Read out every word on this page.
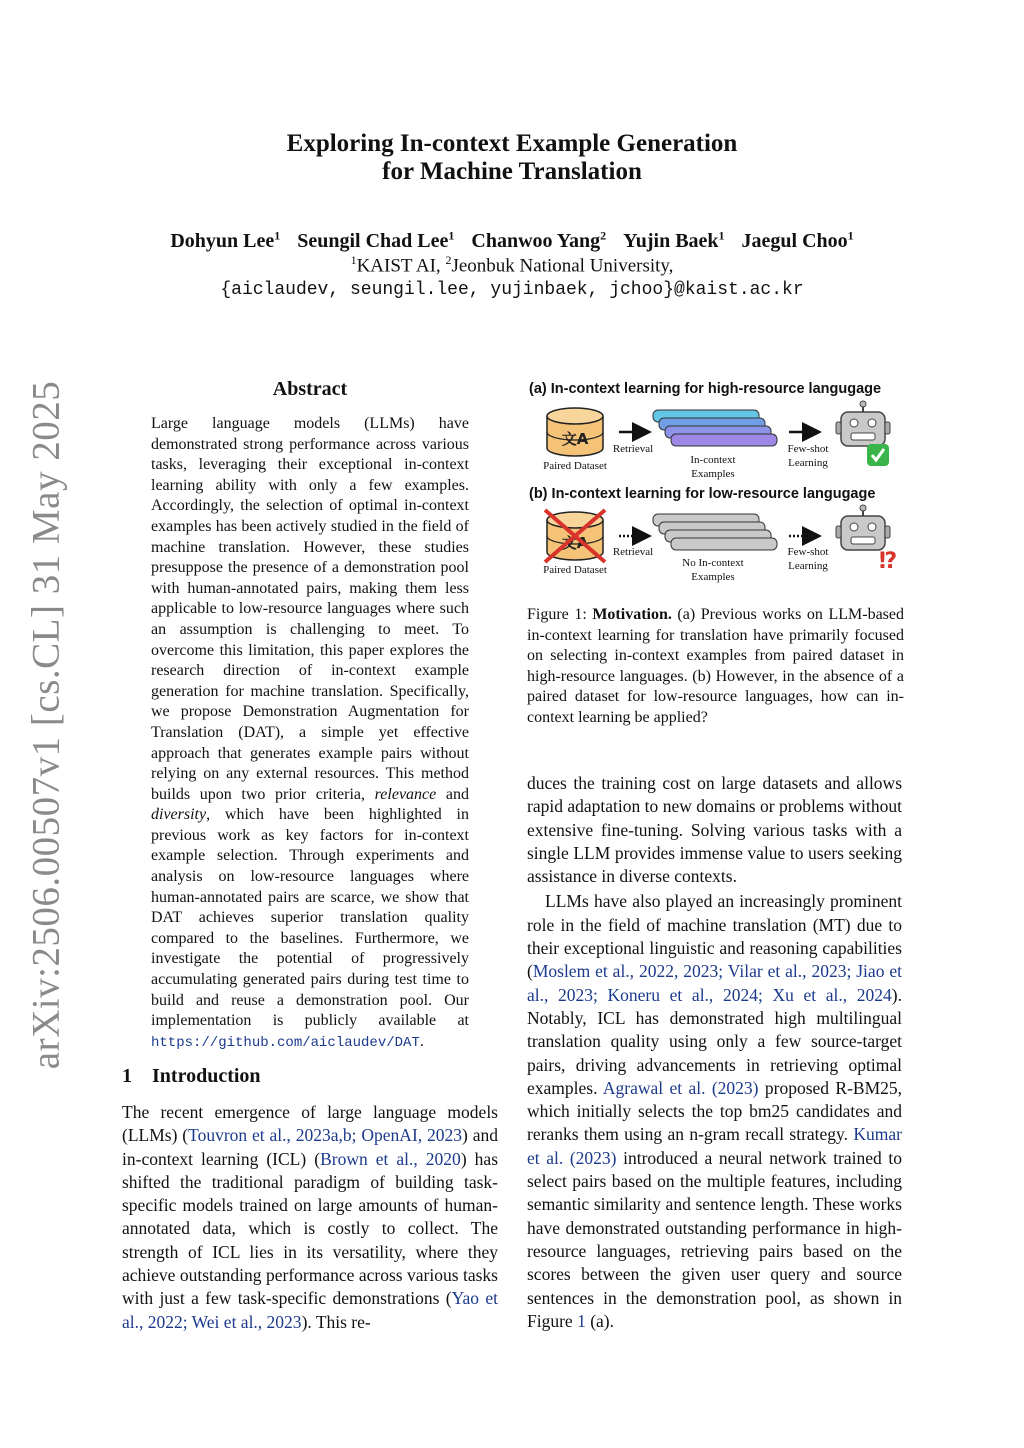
arXiv:2506.00507v1 [cs.CL] 31 May 2025
Exploring In-context Example Generation
for Machine Translation
Dohyun Lee$^1$ Seungil Chad Lee$^1$ Chanwoo Yang$^2$ Yujin Baek$^1$ Jaegul Choo$^1$
$^1$KAIST AI, $^2$Jeonbuk National University,
{aiclaudev, seungil.lee, yujinbaek, jchoo}@kaist.ac.kr
Abstract
Large language models (LLMs) have demonstrated strong performance across various tasks, leveraging their exceptional in-context learning ability with only a few examples. Accordingly, the selection of optimal in-context examples has been actively studied in the field of machine translation. However, these studies presuppose the presence of a demonstration pool with human-annotated pairs, making them less applicable to low-resource languages where such an assumption is challenging to meet. To overcome this limitation, this paper explores the research direction of in-context example generation for machine translation. Specifically, we propose Demonstration Augmentation for Translation (DAT), a simple yet effective approach that generates example pairs without relying on any external resources. This method builds upon two prior criteria, relevance and diversity, which have been highlighted in previous work as key factors for in-context example selection. Through experiments and analysis on low-resource languages where human-annotated pairs are scarce, we show that DAT achieves superior translation quality compared to the baselines. Furthermore, we investigate the potential of progressively accumulating generated pairs during test time to build and reuse a demonstration pool. Our implementation is publicly available at https://github.com/aiclaudev/DAT.
1 Introduction
The recent emergence of large language models (LLMs) (Touvron et al., 2023a,b; OpenAI, 2023) and in-context learning (ICL) (Brown et al., 2020) has shifted the traditional paradigm of building task-specific models trained on large amounts of human-annotated data, which is costly to collect. The strength of ICL lies in its versatility, where they achieve outstanding performance across various tasks with just a few task-specific demonstrations (Yao et al., 2022; Wei et al., 2023). This re-
文A
文A
⁉
(a) In-context learning for high-resource langugage
(b) In-context learning for low-resource langugage
Paired Dataset
Retrieval
In-context
Examples
Few-shot
Learning
Paired Dataset
Retrieval
No In-context
Examples
Few-shot
Learning
Figure 1: Motivation. (a) Previous works on LLM-based in-context learning for translation have primarily focused on selecting in-context examples from paired dataset in high-resource languages. (b) However, in the absence of a paired dataset for low-resource languages, how can in-context learning be applied?

duces the training cost on large datasets and allows rapid adaptation to new domains or problems without extensive fine-tuning. Solving various tasks with a single LLM provides immense value to users seeking assistance in diverse contexts.

LLMs have also played an increasingly prominent role in the field of machine translation (MT) due to their exceptional linguistic and reasoning capabilities (Moslem et al., 2022, 2023; Vilar et al., 2023; Jiao et al., 2023; Koneru et al., 2024; Xu et al., 2024). Notably, ICL has demonstrated high multilingual translation quality using only a few source-target pairs, driving advancements in retrieving optimal examples. Agrawal et al. (2023) proposed R-BM25, which initially selects the top bm25 candidates and reranks them using an n-gram recall strategy. Kumar et al. (2023) introduced a neural network trained to select pairs based on the multiple features, including semantic similarity and sentence length. These works have demonstrated outstanding performance in high-resource languages, retrieving pairs based on the scores between the given user query and source sentences in the demonstration pool, as shown in Figure 1 (a).
